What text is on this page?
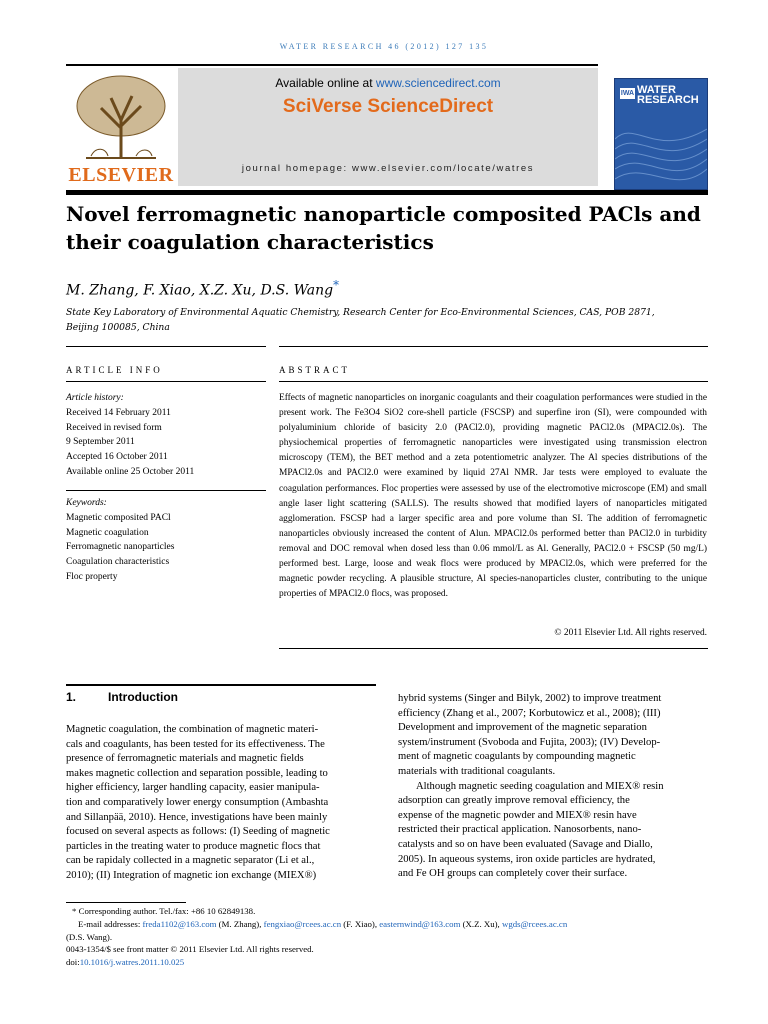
WATER RESEARCH 46 (2012) 127 135
ELSEVIER
Available online at www.sciencedirect.com
SciVerse ScienceDirect
journal homepage: www.elsevier.com/locate/watres
IWA WATER
RESEARCH
Novel ferromagnetic nanoparticle composited PACls and their coagulation characteristics
M. Zhang, F. Xiao, X.Z. Xu, D.S. Wang*
State Key Laboratory of Environmental Aquatic Chemistry, Research Center for Eco-Environmental Sciences, CAS, POB 2871,
Beijing 100085, China
ARTICLE INFO	ABSTRACT
Article history:
Received 14 February 2011
Received in revised form
9 September 2011
Accepted 16 October 2011
Available online 25 October 2011
Keywords:
Magnetic composited PACl
Magnetic coagulation
Ferromagnetic nanoparticles
Coagulation characteristics
Floc property
Effects of magnetic nanoparticles on inorganic coagulants and their coagulation performances were studied in the present work. The Fe3O4 SiO2 core-shell particle (FSCSP) and superfine iron (SI), were compounded with polyaluminium chloride of basicity 2.0 (PACl2.0), providing magnetic PACl2.0s (MPACl2.0s). The physiochemical properties of ferromagnetic nanoparticles were investigated using transmission electron microscopy (TEM), the BET method and a zeta potentiometric analyzer. The Al species distributions of the MPACl2.0s and PACl2.0 were examined by liquid 27Al NMR. Jar tests were employed to evaluate the coagulation performances. Floc properties were assessed by use of the electromotive microscope (EM) and small angle laser light scattering (SALLS). The results showed that modified layers of nanoparticles mitigated agglomeration. FSCSP had a larger specific area and pore volume than SI. The addition of ferromagnetic nanoparticles obviously increased the content of Alun. MPACl2.0s performed better than PACl2.0 in turbidity removal and DOC removal when dosed less than 0.06 mmol/L as Al. Generally, PACl2.0 + FSCSP (50 mg/L) performed best. Large, loose and weak flocs were produced by MPACl2.0s, which were preferred for the magnetic powder recycling. A plausible structure, Al species-nanoparticles cluster, contributing to the unique properties of MPACl2.0 flocs, was proposed.
© 2011 Elsevier Ltd. All rights reserved.
1.	Introduction
Magnetic coagulation, the combination of magnetic materi-
cals and coagulants, has been tested for its effectiveness. The
presence of ferromagnetic materials and magnetic fields
makes magnetic collection and separation possible, leading to
higher efficiency, larger handling capacity, easier manipula-
tion and comparatively lower energy consumption (Ambashta
and Sillanpää, 2010). Hence, investigations have been mainly
focused on several aspects as follows: (I) Seeding of magnetic
particles in the treating water to produce magnetic flocs that
can be rapidaly collected in a magnetic separator (Li et al.,
2010); (II) Integration of magnetic ion exchange (MIEX®)
hybrid systems (Singer and Bilyk, 2002) to improve treatment
efficiency (Zhang et al., 2007; Korbutowicz et al., 2008); (III)
Development and improvement of the magnetic separation
system/instrument (Svoboda and Fujita, 2003); (IV) Develop-
ment of magnetic coagulants by compounding magnetic
materials with traditional coagulants.
Although magnetic seeding coagulation and MIEX® resin
adsorption can greatly improve removal efficiency, the
expense of the magnetic powder and MIEX® resin have
restricted their practical application. Nanosorbents, nano-
catalysts and so on have been evaluated (Savage and Diallo,
2005). In aqueous systems, iron oxide particles are hydrated,
and Fe OH groups can completely cover their surface.
* Corresponding author. Tel./fax: +86 10 62849138.
E-mail addresses: freda1102@163.com (M. Zhang), fengxiao@rcees.ac.cn (F. Xiao), easternwind@163.com (X.Z. Xu), wgds@rcees.ac.cn
(D.S. Wang).
0043-1354/$ see front matter © 2011 Elsevier Ltd. All rights reserved.
doi:10.1016/j.watres.2011.10.025
